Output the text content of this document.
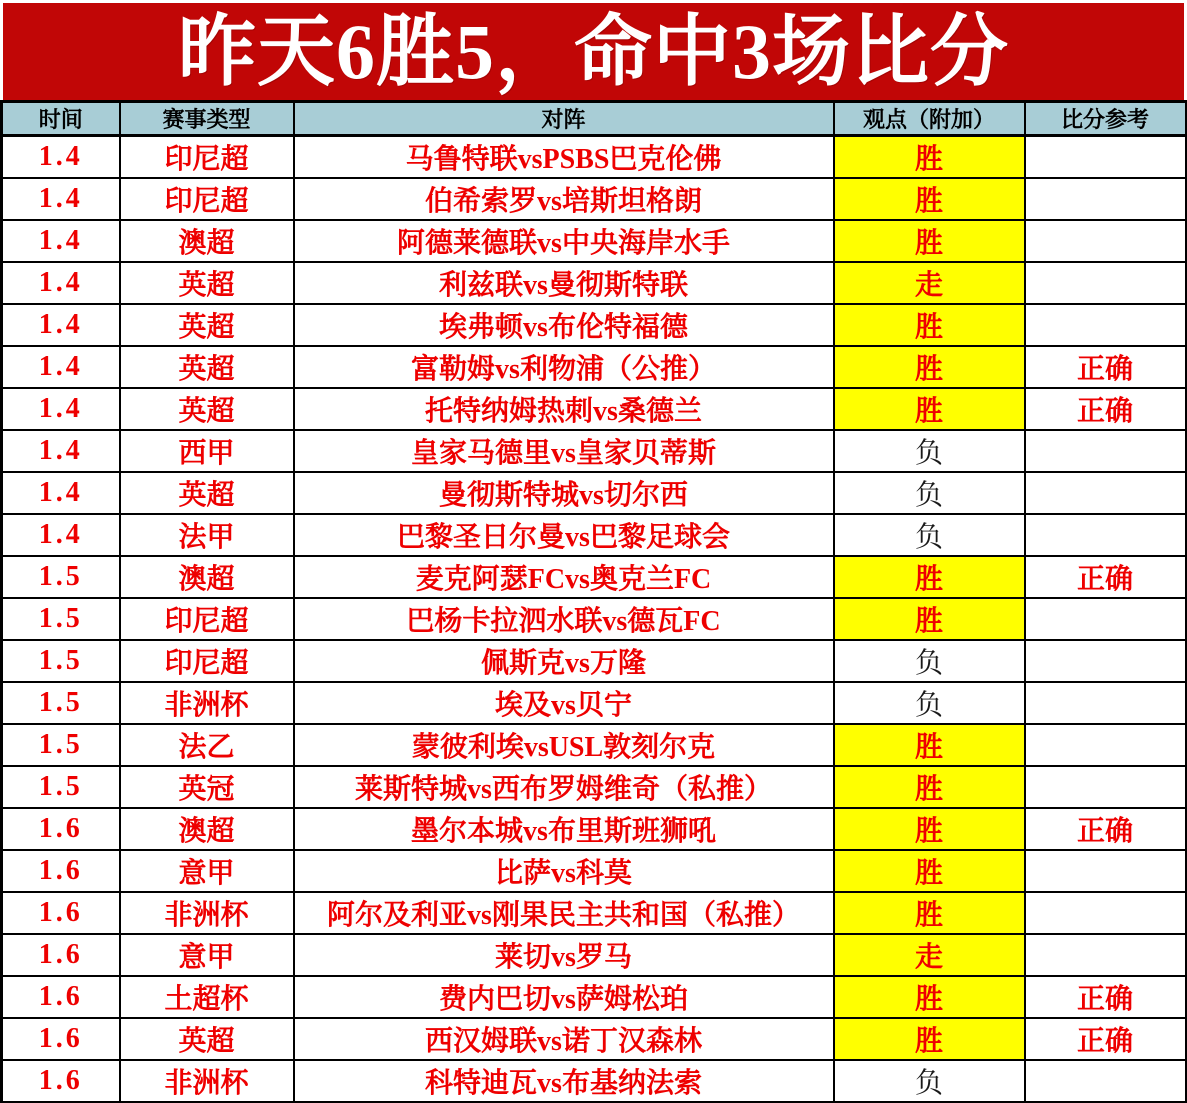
昨天6胜5，命中3场比分
时间	赛事类型	对阵	观点（附加）	比分参考
1.4	印尼超	马鲁特联vsPSBS巴克伦佛	胜	
1.4	印尼超	伯希索罗vs培斯坦格朗	胜	
1.4	澳超	阿德莱德联vs中央海岸水手	胜	
1.4	英超	利兹联vs曼彻斯特联	走	
1.4	英超	埃弗顿vs布伦特福德	胜	
1.4	英超	富勒姆vs利物浦（公推）	胜	正确
1.4	英超	托特纳姆热刺vs桑德兰	胜	正确
1.4	西甲	皇家马德里vs皇家贝蒂斯	负	
1.4	英超	曼彻斯特城vs切尔西	负	
1.4	法甲	巴黎圣日尔曼vs巴黎足球会	负	
1.5	澳超	麦克阿瑟FCvs奥克兰FC	胜	正确
1.5	印尼超	巴杨卡拉泗水联vs德瓦FC	胜	
1.5	印尼超	佩斯克vs万隆	负	
1.5	非洲杯	埃及vs贝宁	负	
1.5	法乙	蒙彼利埃vsUSL敦刻尔克	胜	
1.5	英冠	莱斯特城vs西布罗姆维奇（私推）	胜	
1.6	澳超	墨尔本城vs布里斯班狮吼	胜	正确
1.6	意甲	比萨vs科莫	胜	
1.6	非洲杯	阿尔及利亚vs刚果民主共和国（私推）	胜	
1.6	意甲	莱切vs罗马	走	
1.6	土超杯	费内巴切vs萨姆松珀	胜	正确
1.6	英超	西汉姆联vs诺丁汉森林	胜	正确
1.6	非洲杯	科特迪瓦vs布基纳法索	负	
